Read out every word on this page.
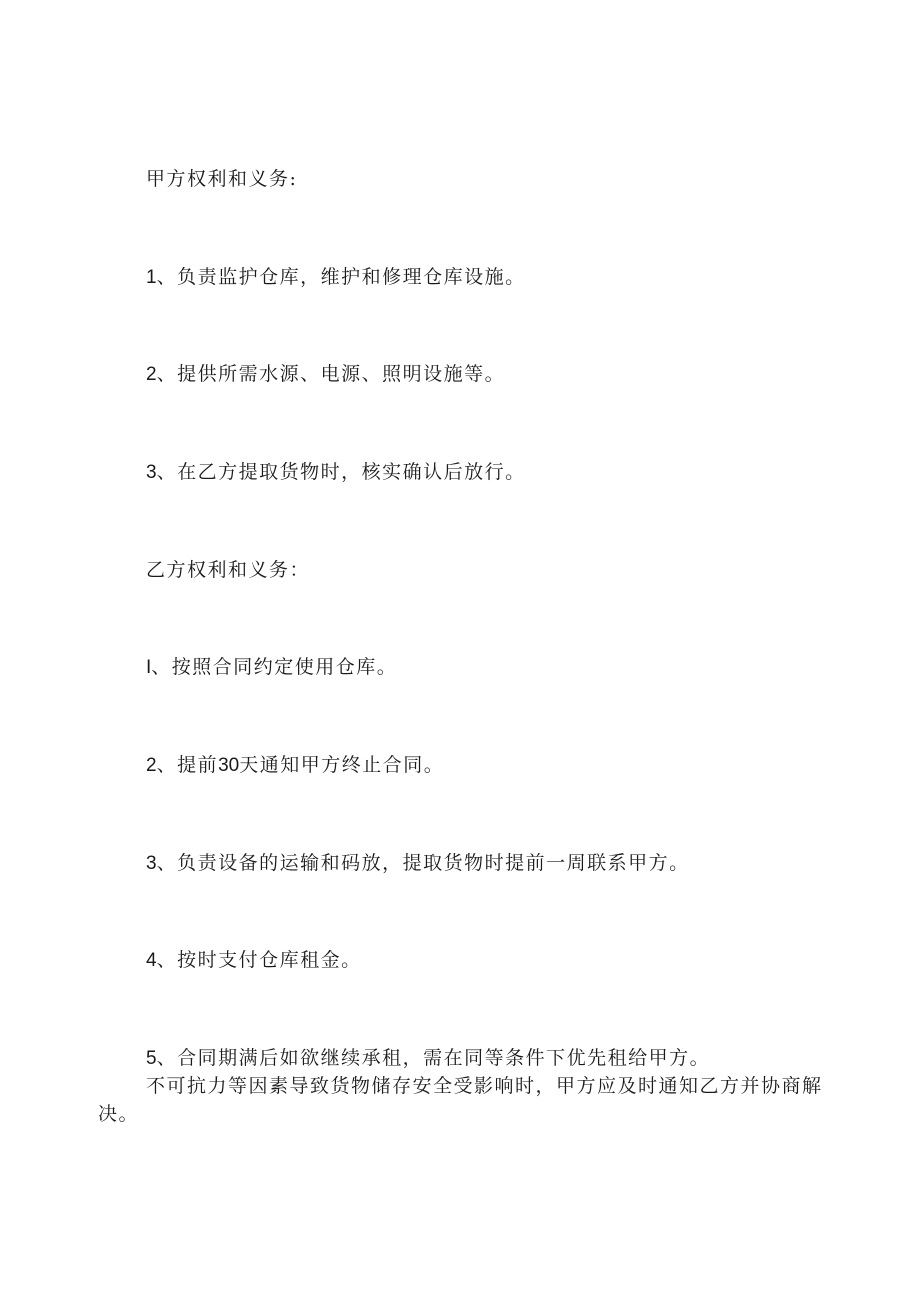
甲方权利和义务:
1、负责监护仓库，维护和修理仓库设施。
2、提供所需水源、电源、照明设施等。
3、在乙方提取货物时，核实确认后放行。
乙方权利和义务：
I、按照合同约定使用仓库。
2、提前30天通知甲方终止合同。
3、负责设备的运输和码放，提取货物时提前一周联系甲方。
4、按时支付仓库租金。
5、合同期满后如欲继续承租，需在同等条件下优先租给甲方。
不可抗力等因素导致货物储存安全受影响时，甲方应及时通知乙方并协商解决。
